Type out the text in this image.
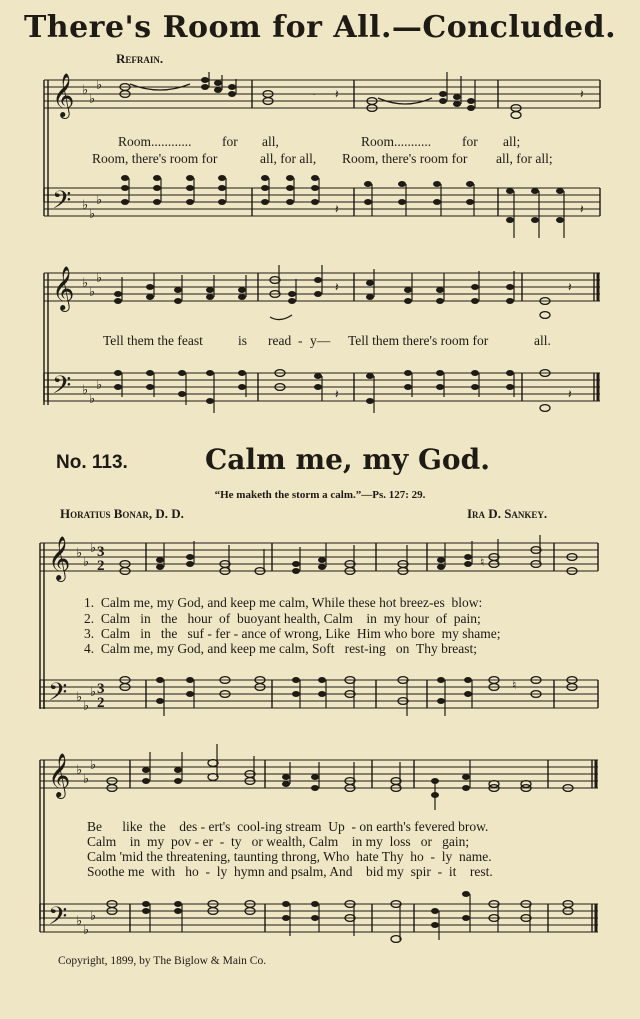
There's Room for All.—Concluded.
Refrain.
𝄞 ♭
♭
♭
𝄽	𝄽
·
Room............ for all,	Room........... for all;
Room, there's room for	all, for all, Room, there's room for all, for all;
𝄢 ♭
♭
♭
𝄽	𝄽
𝄞 ♭
♭
♭
𝄽	𝄽
Tell them the feast	is read - y— Tell them there's room for	all.
𝄢 ♭
♭
♭
𝄽	𝄽
No. 113.	Calm me, my God.
“He maketh the storm a calm.”—Ps. 127: 29.
Horatius Bonar, D. D.	Ira D. Sankey.
𝄞 ♭
♭
♭ 3
2	♮
1.  Calm me, my God, and keep me calm, While these hot breez-es  blow:
2.  Calm   in   the   hour  of  buoyant health, Calm    in  my hour  of  pain;
3.  Calm   in   the   suf - fer - ance of wrong, Like  Him who bore  my shame;
4.  Calm me, my God, and keep me calm, Soft   rest-ing   on  Thy breast;
𝄢 ♭
♭
♭ 3
2
♮
𝄞 ♭
♭
♭
Be      like  the    des - ert's  cool-ing stream  Up  - on earth's fevered brow.
Calm    in  my  pov - er  -  ty   or wealth, Calm    in my  loss   or   gain;
Calm 'mid the threatening, taunting throng, Who  hate Thy  ho  -  ly  name.
Soothe me  with   ho  -  ly  hymn and psalm, And    bid my  spir  -  it    rest.
𝄢 ♭
♭
♭
Copyright, 1899, by The Biglow & Main Co.
